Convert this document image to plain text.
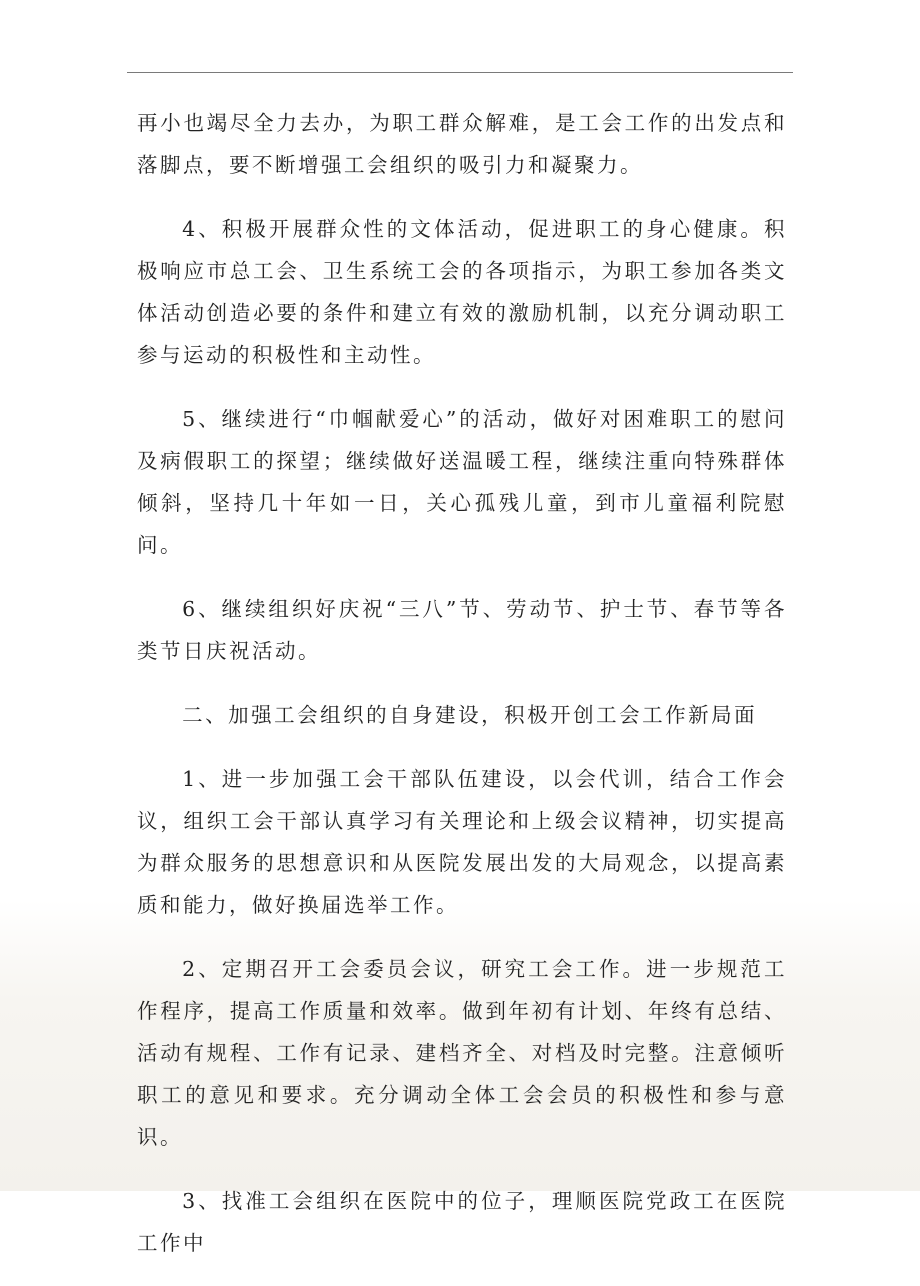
再小也竭尽全力去办，为职工群众解难，是工会工作的出发点和落脚点，要不断增强工会组织的吸引力和凝聚力。

4、积极开展群众性的文体活动，促进职工的身心健康。积极响应市总工会、卫生系统工会的各项指示，为职工参加各类文体活动创造必要的条件和建立有效的激励机制，以充分调动职工参与运动的积极性和主动性。

5、继续进行“巾帼献爱心”的活动，做好对困难职工的慰问及病假职工的探望；继续做好送温暖工程，继续注重向特殊群体倾斜，坚持几十年如一日，关心孤残儿童，到市儿童福利院慰问。

6、继续组织好庆祝“三八”节、劳动节、护士节、春节等各类节日庆祝活动。

二、加强工会组织的自身建设，积极开创工会工作新局面

1、进一步加强工会干部队伍建设，以会代训，结合工作会议，组织工会干部认真学习有关理论和上级会议精神，切实提高为群众服务的思想意识和从医院发展出发的大局观念，以提高素质和能力，做好换届选举工作。

2、定期召开工会委员会议，研究工会工作。进一步规范工作程序，提高工作质量和效率。做到年初有计划、年终有总结、活动有规程、工作有记录、建档齐全、对档及时完整。注意倾听职工的意见和要求。充分调动全体工会会员的积极性和参与意识。

3、找准工会组织在医院中的位子，理顺医院党政工在医院工作中
